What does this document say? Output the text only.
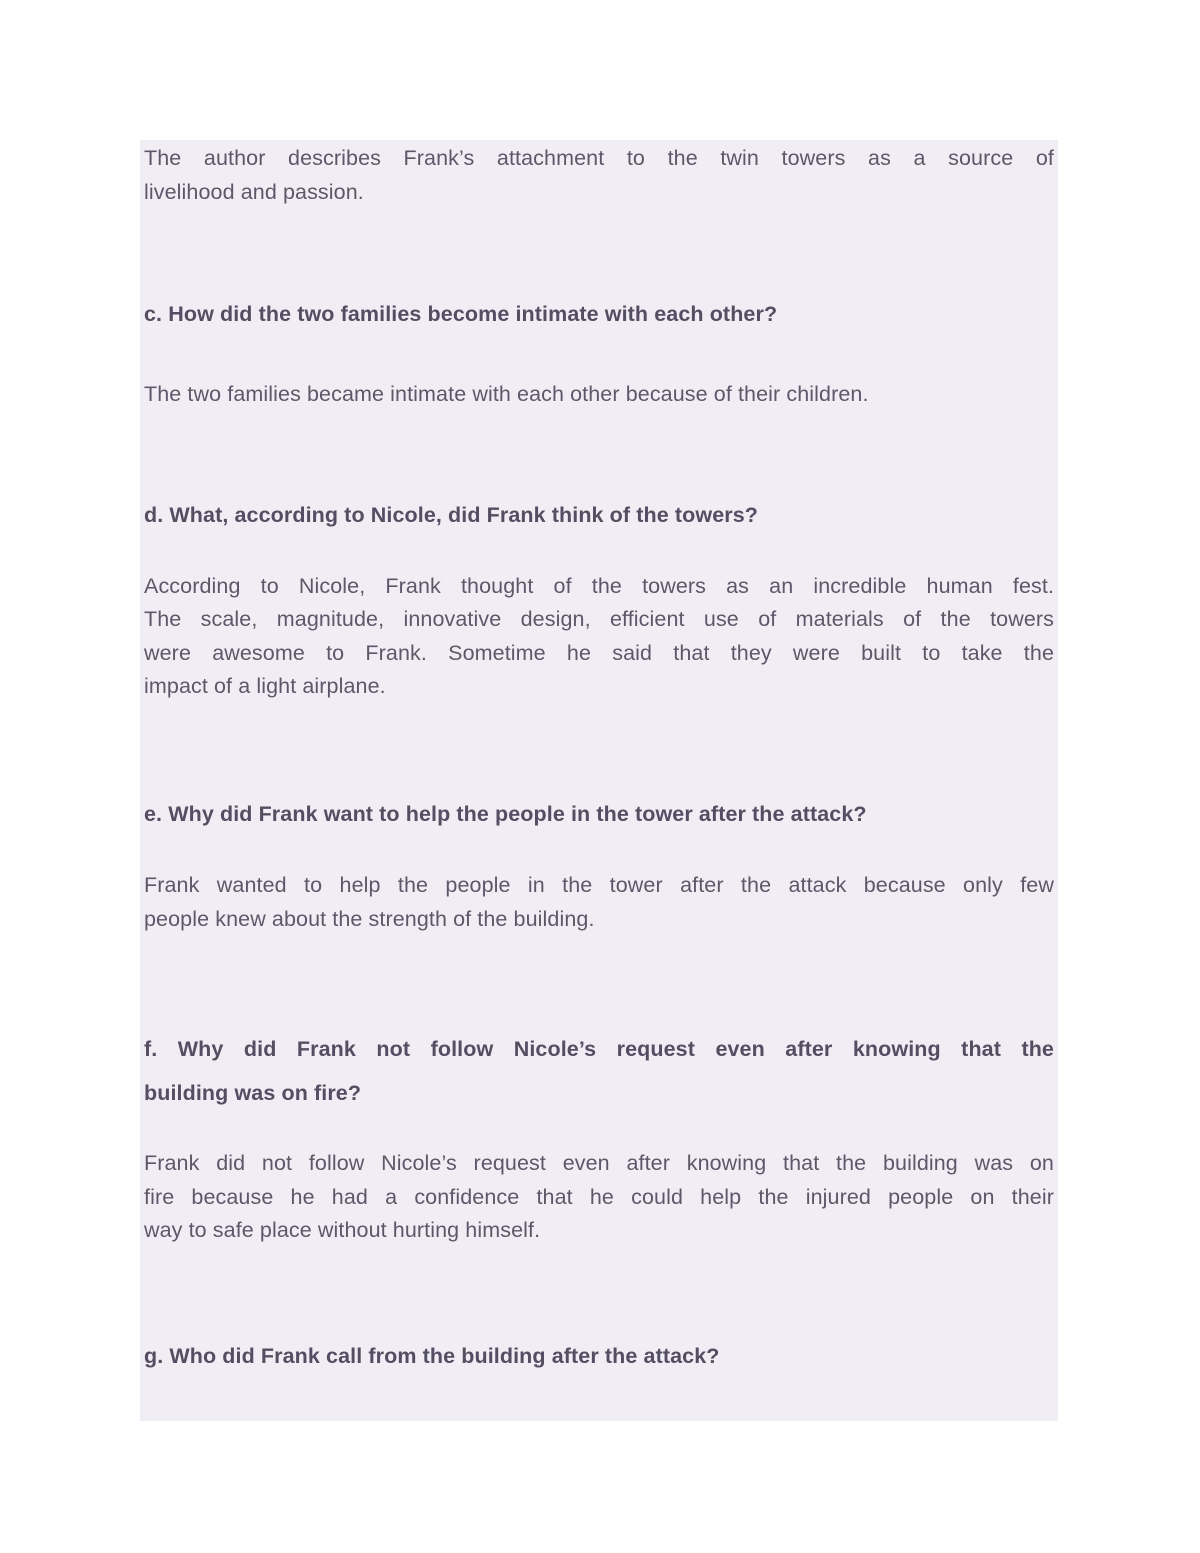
The author describes Frank’s attachment to the twin towers as a source of
livelihood and passion.
c. How did the two families become intimate with each other?
The two families became intimate with each other because of their children.
d. What, according to Nicole, did Frank think of the towers?
According to Nicole, Frank thought of the towers as an incredible human fest.
The scale, magnitude, innovative design, efficient use of materials of the towers
were awesome to Frank. Sometime he said that they were built to take the
impact of a light airplane.
e. Why did Frank want to help the people in the tower after the attack?
Frank wanted to help the people in the tower after the attack because only few
people knew about the strength of the building.
f. Why did Frank not follow Nicole’s request even after knowing that the
building was on fire?
Frank did not follow Nicole’s request even after knowing that the building was on
fire because he had a confidence that he could help the injured people on their
way to safe place without hurting himself.
g. Who did Frank call from the building after the attack?
